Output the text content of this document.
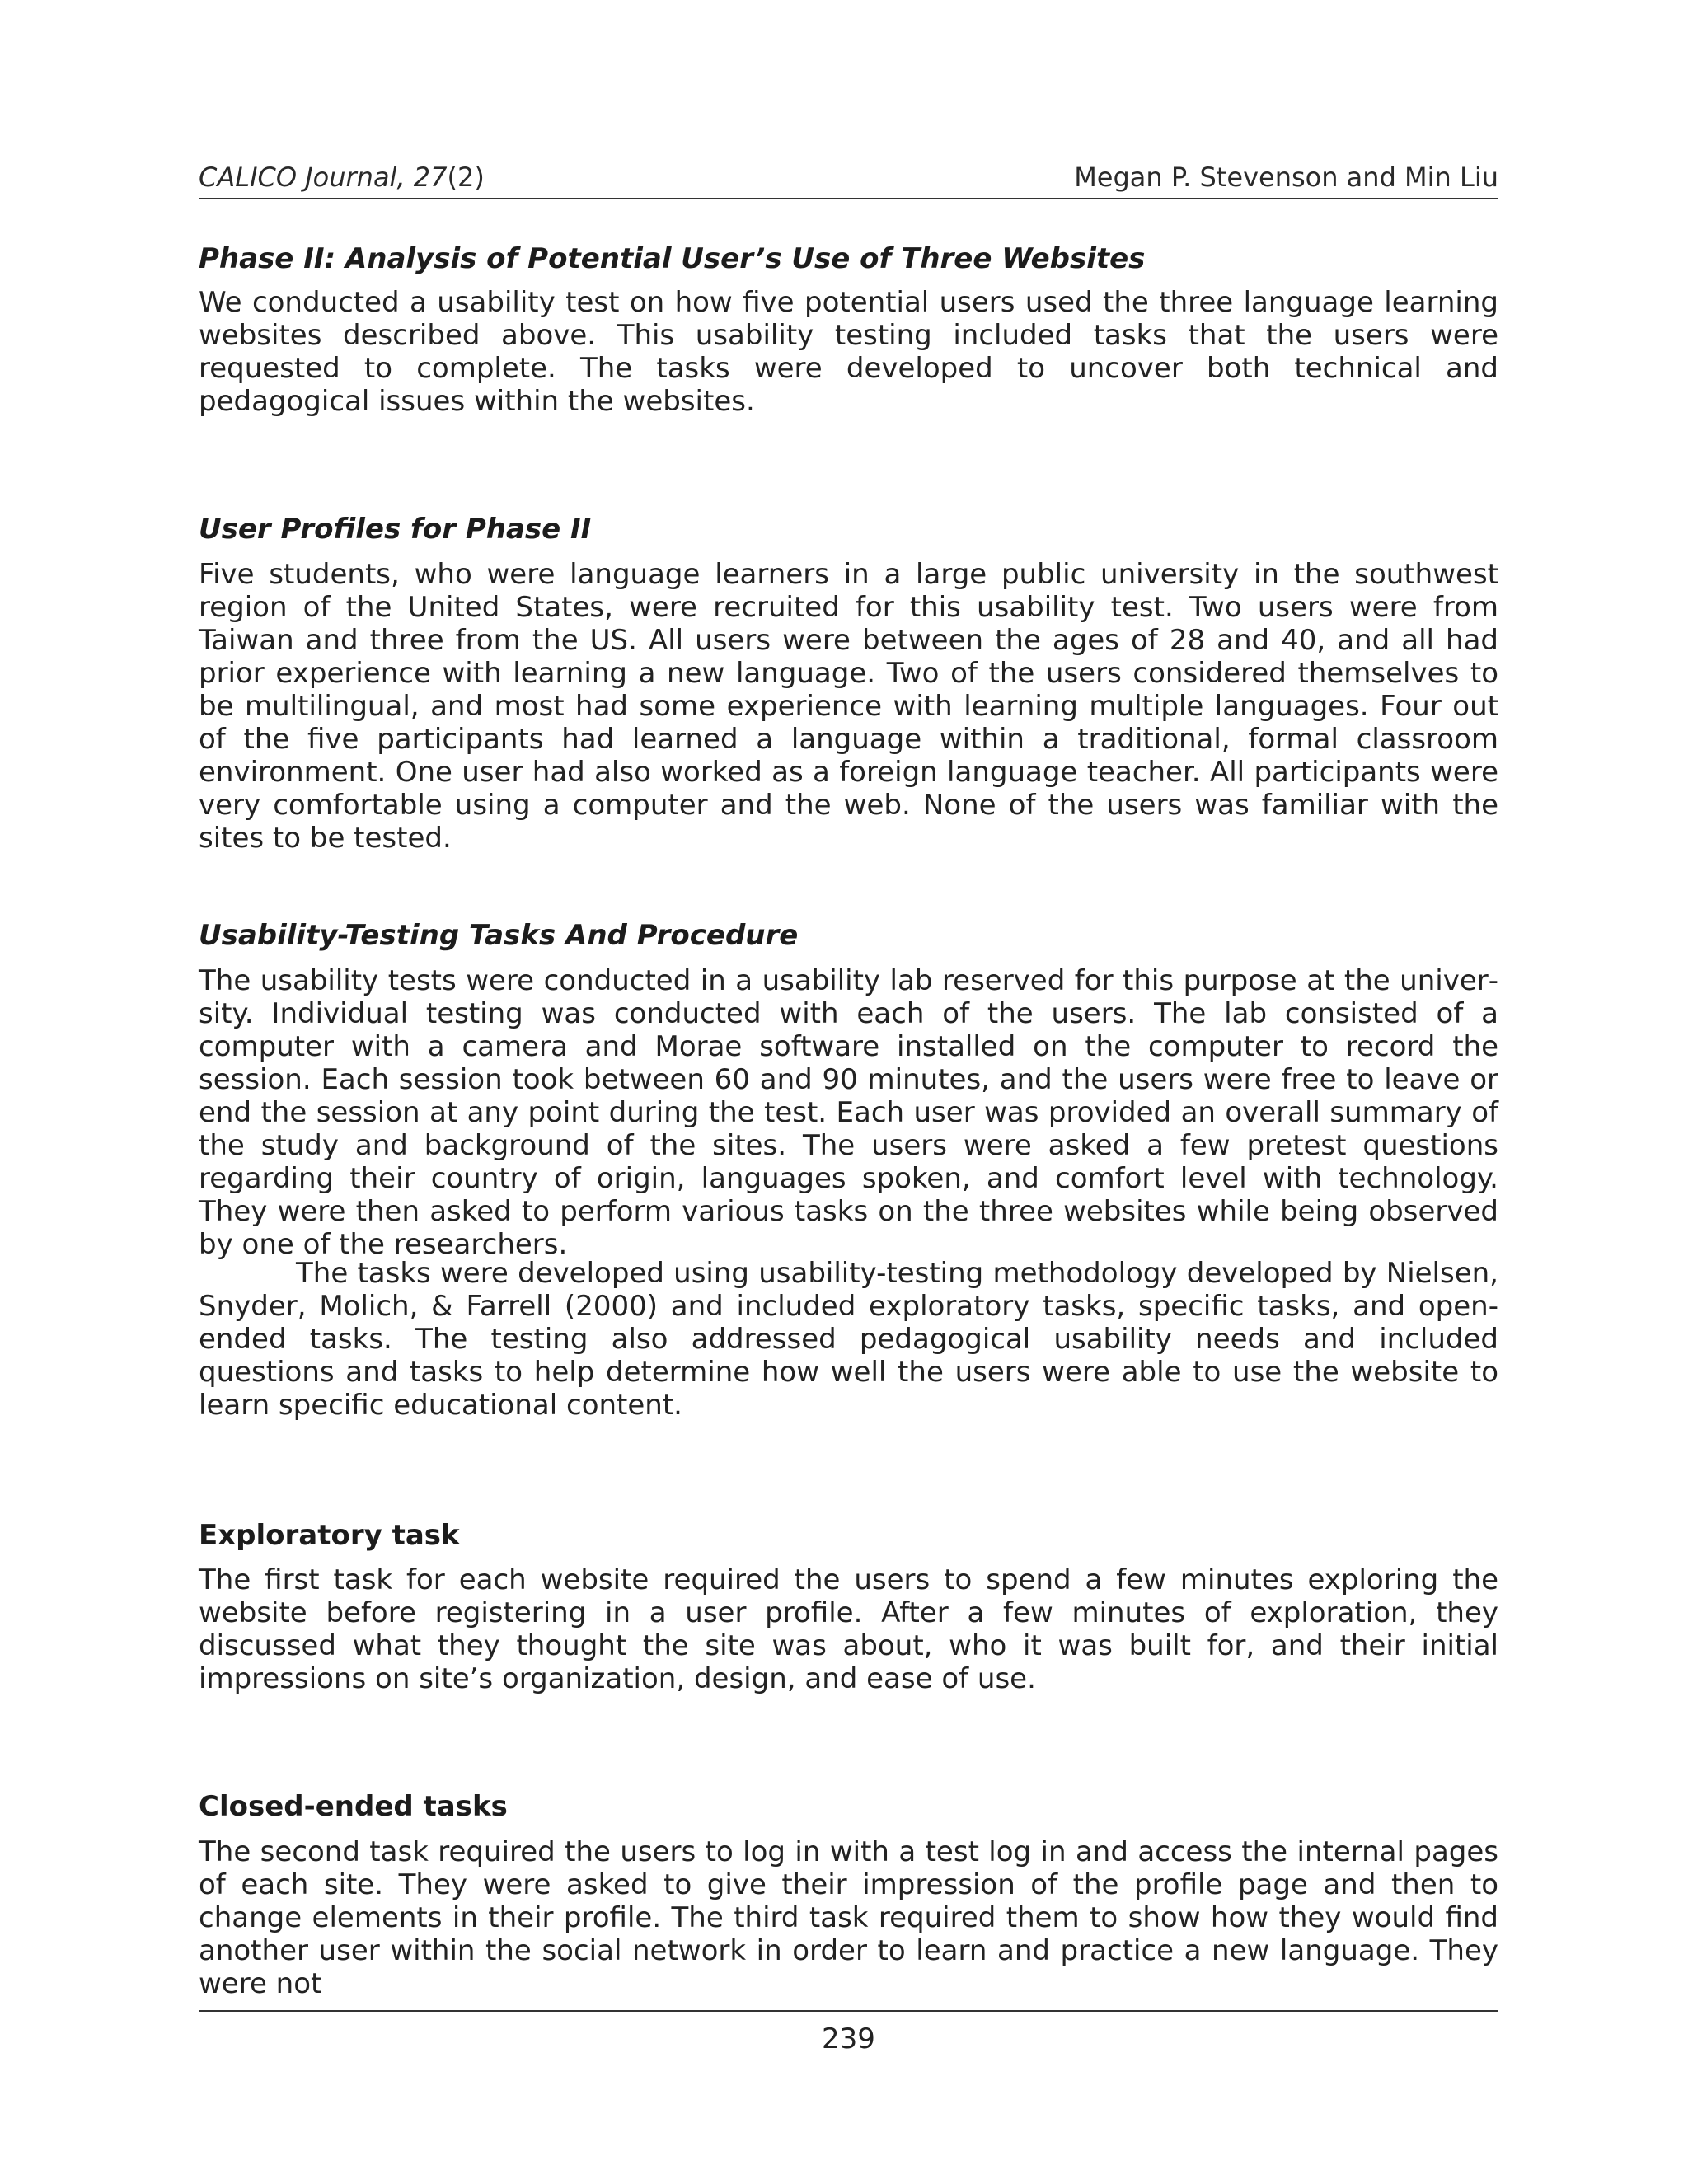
CALICO Journal, 27(2)	Megan P. Stevenson and Min Liu
Phase II: Analysis of Potential User’s Use of Three Websites

We conducted a usability test on how five potential users used the three language learning websites described above. This usability testing included tasks that the users were requested to complete. The tasks were developed to uncover both technical and pedagogical issues within the websites.

User Profiles for Phase II

Five students, who were language learners in a large public university in the southwest region of the United States, were recruited for this usability test. Two users were from Taiwan and three from the US. All users were between the ages of 28 and 40, and all had prior experience with learning a new language. Two of the users considered themselves to be multilingual, and most had some experience with learning multiple languages. Four out of the five participants had learned a language within a traditional, formal classroom environment. One user had also worked as a foreign language teacher. All participants were very comfortable using a computer and the web. None of the users was familiar with the sites to be tested.

Usability-Testing Tasks And Procedure

The usability tests were conducted in a usability lab reserved for this purpose at the university. Individual testing was conducted with each of the users. The lab consisted of a computer with a camera and Morae software installed on the computer to record the session. Each session took between 60 and 90 minutes, and the users were free to leave or end the session at any point during the test. Each user was provided an overall summary of the study and background of the sites. The users were asked a few pretest questions regarding their country of origin, languages spoken, and comfort level with technology. They were then asked to perform various tasks on the three websites while being observed by one of the researchers.

The tasks were developed using usability-testing methodology developed by Nielsen, Snyder, Molich, & Farrell (2000) and included exploratory tasks, specific tasks, and openended tasks. The testing also addressed pedagogical usability needs and included questions and tasks to help determine how well the users were able to use the website to learn specific educational content.

Exploratory task

The first task for each website required the users to spend a few minutes exploring the website before registering in a user profile. After a few minutes of exploration, they discussed what they thought the site was about, who it was built for, and their initial impressions on site’s organization, design, and ease of use.

Closed-ended tasks

The second task required the users to log in with a test log in and access the internal pages of each site. They were asked to give their impression of the profile page and then to change elements in their profile. The third task required them to show how they would find another user within the social network in order to learn and practice a new language. They were not

239
